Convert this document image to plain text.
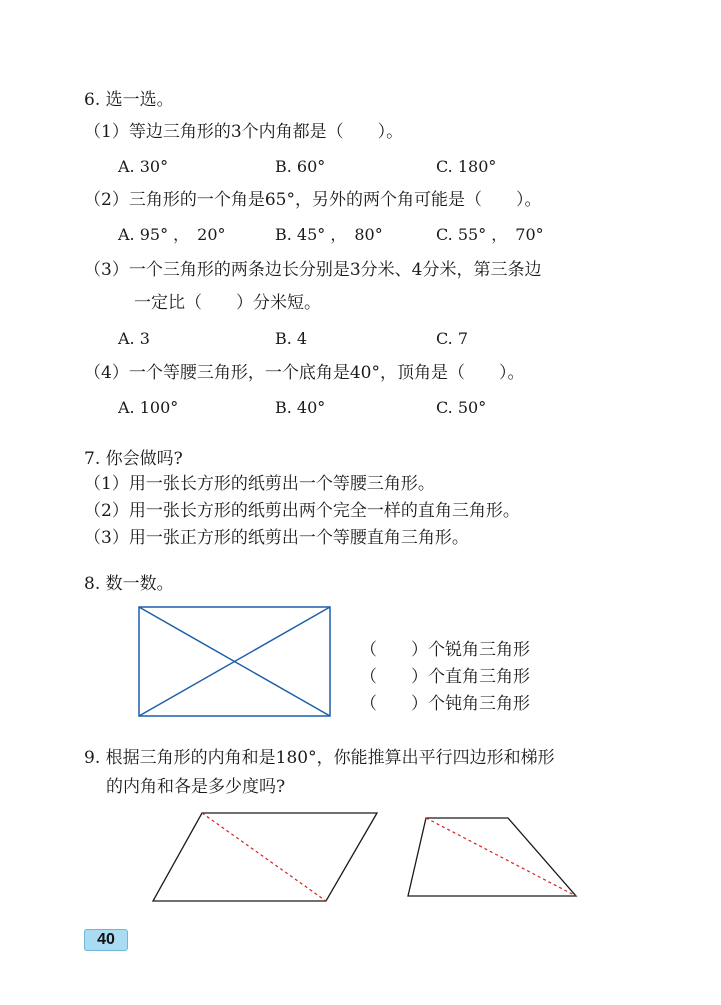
6. 选一选。
（1）等边三角形的3个内角都是（　　）。
A. 30°	B. 60°	C. 180°
（2）三角形的一个角是65°，另外的两个角可能是（　　）。
A. 95° ，　20°	B. 45° ，　80°	C. 55° ，　70°
（3）一个三角形的两条边长分别是3分米、4分米，第三条边
一定比（　　）分米短。
A. 3	B. 4	C. 7
（4）一个等腰三角形，一个底角是40°，顶角是（　　）。
A. 100°	B. 40°	C. 50°
7. 你会做吗?
（1）用一张长方形的纸剪出一个等腰三角形。
（2）用一张长方形的纸剪出两个完全一样的直角三角形。
（3）用一张正方形的纸剪出一个等腰直角三角形。
8. 数一数。
（　　）个锐角三角形
（　　）个直角三角形
（　　）个钝角三角形
9. 根据三角形的内角和是180°，你能推算出平行四边形和梯形
的内角和各是多少度吗?
40
